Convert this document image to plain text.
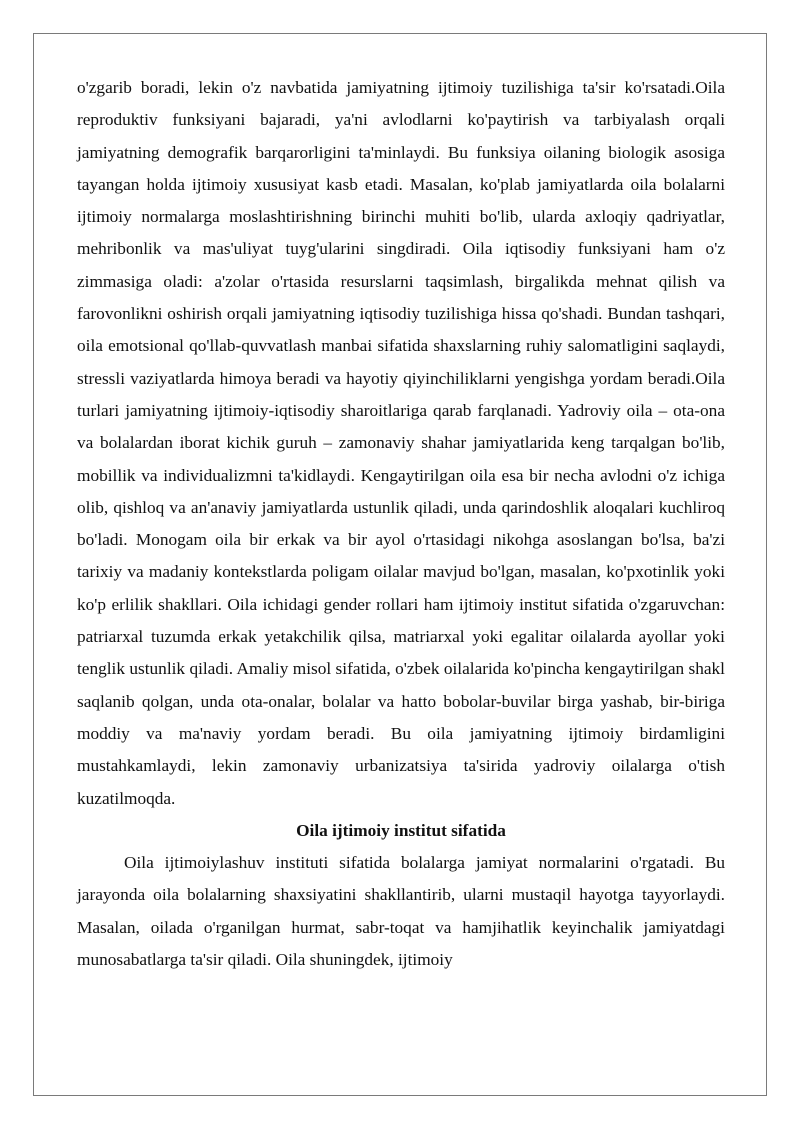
o'zgarib boradi, lekin o'z navbatida jamiyatning ijtimoiy tuzilishiga ta'sir ko'rsatadi.Oila reproduktiv funksiyani bajaradi, ya'ni avlodlarni ko'paytirish va tarbiyalash orqali jamiyatning demografik barqarorligini ta'minlaydi. Bu funksiya oilaning biologik asosiga tayangan holda ijtimoiy xususiyat kasb etadi. Masalan, ko'plab jamiyatlarda oila bolalarni ijtimoiy normalarga moslashtirishning birinchi muhiti bo'lib, ularda axloqiy qadriyatlar, mehribonlik va mas'uliyat tuyg'ularini singdiradi. Oila iqtisodiy funksiyani ham o'z zimmasiga oladi: a'zolar o'rtasida resurslarni taqsimlash, birgalikda mehnat qilish va farovonlikni oshirish orqali jamiyatning iqtisodiy tuzilishiga hissa qo'shadi. Bundan tashqari, oila emotsional qo'llab-quvvatlash manbai sifatida shaxslarning ruhiy salomatligini saqlaydi, stressli vaziyatlarda himoya beradi va hayotiy qiyinchiliklarni yengishga yordam beradi.Oila turlari jamiyatning ijtimoiy-iqtisodiy sharoitlariga qarab farqlanadi. Yadroviy oila – ota-ona va bolalardan iborat kichik guruh – zamonaviy shahar jamiyatlarida keng tarqalgan bo'lib, mobillik va individualizmni ta'kidlaydi. Kengaytirilgan oila esa bir necha avlodni o'z ichiga olib, qishloq va an'anaviy jamiyatlarda ustunlik qiladi, unda qarindoshlik aloqalari kuchliroq bo'ladi. Monogam oila bir erkak va bir ayol o'rtasidagi nikohga asoslangan bo'lsa, ba'zi tarixiy va madaniy kontekstlarda poligam oilalar mavjud bo'lgan, masalan, ko'pxotinlik yoki ko'p erlilik shakllari. Oila ichidagi gender rollari ham ijtimoiy institut sifatida o'zgaruvchan: patriarxal tuzumda erkak yetakchilik qilsa, matriarxal yoki egalitar oilalarda ayollar yoki tenglik ustunlik qiladi. Amaliy misol sifatida, o'zbek oilalarida ko'pincha kengaytirilgan shakl saqlanib qolgan, unda ota-onalar, bolalar va hatto bobolar-buvilar birga yashab, bir-biriga moddiy va ma'naviy yordam beradi. Bu oila jamiyatning ijtimoiy birdamligini mustahkamlaydi, lekin zamonaviy urbanizatsiya ta'sirida yadroviy oilalarga o'tish kuzatilmoqda.

Oila ijtimoiy institut sifatida

Oila ijtimoiylashuv instituti sifatida bolalarga jamiyat normalarini o'rgatadi. Bu jarayonda oila bolalarning shaxsiyatini shakllantirib, ularni mustaqil hayotga tayyorlaydi. Masalan, oilada o'rganilgan hurmat, sabr-toqat va hamjihatlik keyinchalik jamiyatdagi munosabatlarga ta'sir qiladi. Oila shuningdek, ijtimoiy
